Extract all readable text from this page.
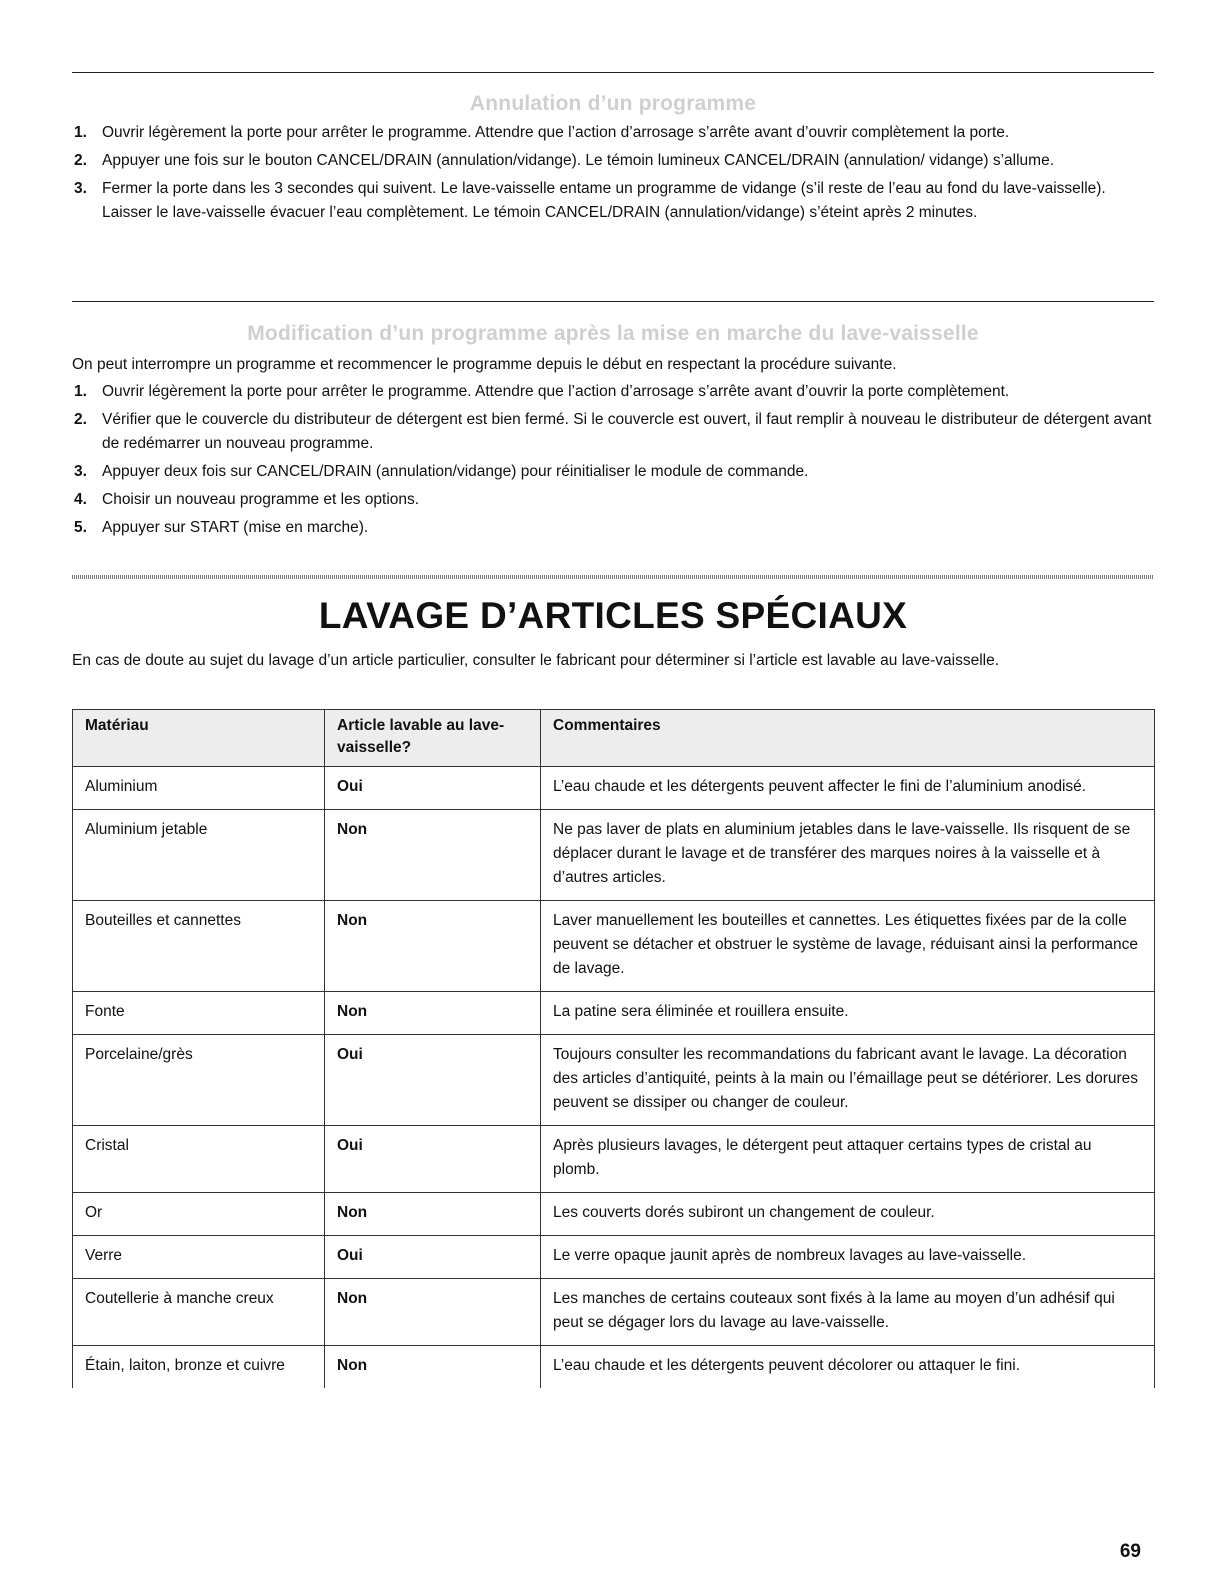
Annulation d’un programme
1. Ouvrir légèrement la porte pour arrêter le programme. Attendre que l’action d’arrosage s’arrête avant d’ouvrir complètement la porte.
2. Appuyer une fois sur le bouton CANCEL/DRAIN (annulation/vidange). Le témoin lumineux CANCEL/DRAIN (annulation/ vidange) s’allume.
3. Fermer la porte dans les 3 secondes qui suivent. Le lave-vaisselle entame un programme de vidange (s’il reste de l’eau au fond du lave-vaisselle). Laisser le lave-vaisselle évacuer l’eau complètement. Le témoin CANCEL/DRAIN (annulation/vidange) s’éteint après 2 minutes.
Modification d’un programme après la mise en marche du lave-vaisselle
On peut interrompre un programme et recommencer le programme depuis le début en respectant la procédure suivante.
1. Ouvrir légèrement la porte pour arrêter le programme. Attendre que l’action d’arrosage s’arrête avant d’ouvrir la porte complètement.
2. Vérifier que le couvercle du distributeur de détergent est bien fermé. Si le couvercle est ouvert, il faut remplir à nouveau le distributeur de détergent avant de redémarrer un nouveau programme.
3. Appuyer deux fois sur CANCEL/DRAIN (annulation/vidange) pour réinitialiser le module de commande.
4. Choisir un nouveau programme et les options.
5. Appuyer sur START (mise en marche).
LAVAGE D’ARTICLES SPÉCIAUX
En cas de doute au sujet du lavage d’un article particulier, consulter le fabricant pour déterminer si l’article est lavable au lave-vaisselle.
Matériau	Article lavable au lave-vaisselle?	Commentaires
Aluminium	Oui	L’eau chaude et les détergents peuvent affecter le fini de l’aluminium anodisé.
Aluminium jetable	Non	Ne pas laver de plats en aluminium jetables dans le lave-vaisselle. Ils risquent de se déplacer durant le lavage et de transférer des marques noires à la vaisselle et à d’autres articles.
Bouteilles et cannettes	Non	Laver manuellement les bouteilles et cannettes. Les étiquettes fixées par de la colle peuvent se détacher et obstruer le système de lavage, réduisant ainsi la performance de lavage.
Fonte	Non	La patine sera éliminée et rouillera ensuite.
Porcelaine/grès	Oui	Toujours consulter les recommandations du fabricant avant le lavage. La décoration des articles d’antiquité, peints à la main ou l’émaillage peut se détériorer. Les dorures peuvent se dissiper ou changer de couleur.
Cristal	Oui	Après plusieurs lavages, le détergent peut attaquer certains types de cristal au plomb.
Or	Non	Les couverts dorés subiront un changement de couleur.
Verre	Oui	Le verre opaque jaunit après de nombreux lavages au lave-vaisselle.
Coutellerie à manche creux	Non	Les manches de certains couteaux sont fixés à la lame au moyen d’un adhésif qui peut se dégager lors du lavage au lave-vaisselle.
Étain, laiton, bronze et cuivre	Non	L’eau chaude et les détergents peuvent décolorer ou attaquer le fini.
69
